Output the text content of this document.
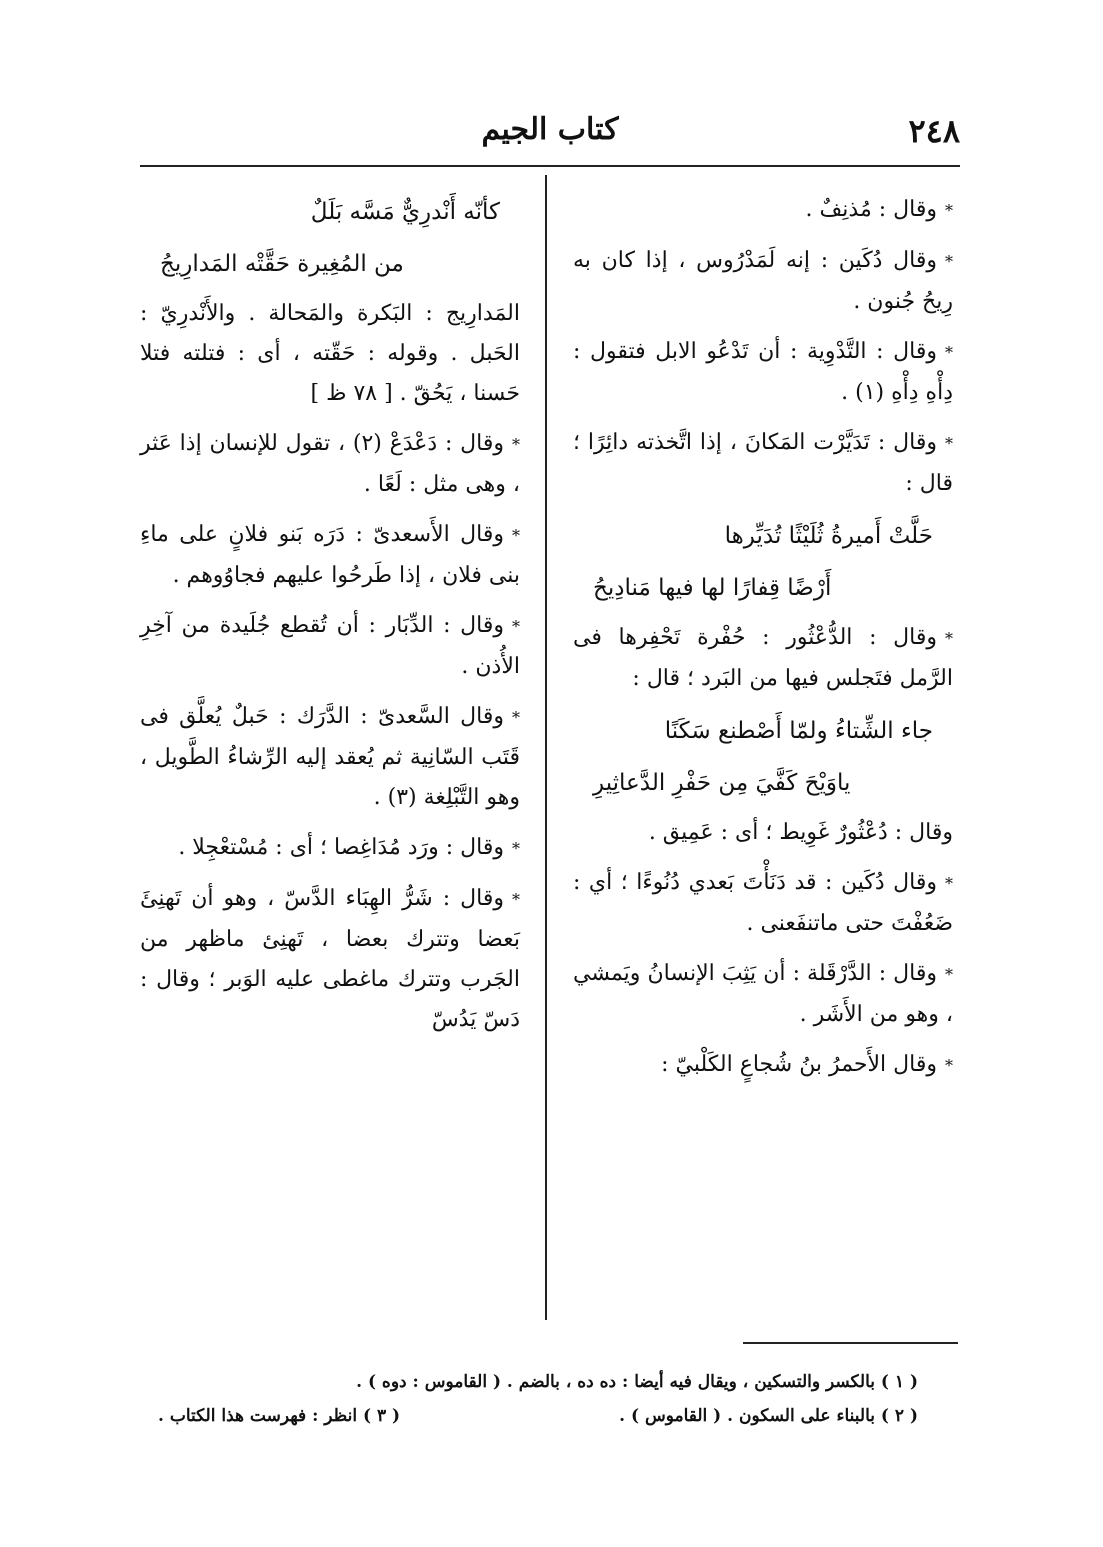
٢٤٨
كتاب الجيم

*وقال : مُذنِفٌ .

*وقال دُكَين : إنه لَمَدْرُوس ، إذا كان به رِيحُ جُنون .

*وقال : التَّدْوِية : أن تَدْعُو الابل فتقول : دِأْهِ دِأْهِ (١) .

*وقال : تَدَيَّرْت المَكانَ ، إذا اتَّخذته دائِرًا ؛ قال :

حَلَّتْ أَميرةُ ثُلَيْثًا تُدَيِّرها
أَرْضًا قِفارًا لها فيها مَنادِيحُ

*وقال : الدُّعْثُور : حُفْرة تَحْفِرها فى الرَّمل فتَجلس فيها من البَرد ؛ قال :

جاء الشِّتاءُ ولمّا أَصْطنع سَكَنًا
ياوَيْحَ كَفَّيَ مِن حَفْرِ الدَّعاثِيرِ

وقال : دُعْثُورٌ غَوِيط ؛ أى : عَمِيق .

*وقال دُكَين : قد دَنَأْتَ بَعدي دُنُوءًا ؛ أي : ضَعُفْتَ حتى ماتنفَعنى .

*وقال : الدَّرْقَلة : أن يَثِبَ الإنسانُ ويَمشي ، وهو من الأَشَر .

*وقال الأَحمرُ بنُ شُجاعٍ الكَلْبيّ :

كأنّه أَنْدرِيٌّ مَسَّه بَلَلٌ
من المُغِيرة حَقَّتْه المَدارِيجُ

المَدارِيج : البَكرة والمَحالة . والأَنْدرِيّ : الحَبل . وقوله : حَقّته ، أى : فتلته فتلا حَسنا ، يَحُقّ . [ ٧٨ ظ ]

*وقال : دَعْدَعْ (٢) ، تقول للإنسان إذا عَثر ، وهى مثل : لَعًا .

*وقال الأَسعدىّ : دَرَه بَنو فلانٍ على ماءِ بنى فلان ، إذا طَرحُوا عليهم فجاوُوهم .

*وقال : الدِّبَار : أن تُقطع جُلَيدة من آخِرِ الأُذن .

*وقال السَّعدىّ : الدَّرَك : حَبلٌ يُعلَّق فى قَتَب السّانِية ثم يُعقد إليه الرِّشاءُ الطَّويل ، وهو التَّبْلِغة (٣) .

*وقال : ورَد مُدَاغِصا ؛ أى : مُسْتعْجِلا .

*وقال : شَرُّ الهِبَاء الدَّسّ ، وهو أن تَهنِئَ بَعضا وتترك بعضا ، تَهنِئ ماظهر من الجَرب وتترك ماغطى عليه الوَبر ؛ وقال : دَسّ يَدُسّ

( ١ ) بالكسر والتسكين ، ويقال فيه أيضا : ده ده ، بالضم . ( القاموس : دوه ) .
( ٢ ) بالبناء على السكون . ( القاموس ) .
( ٣ ) انظر : فهرست هذا الكتاب .
